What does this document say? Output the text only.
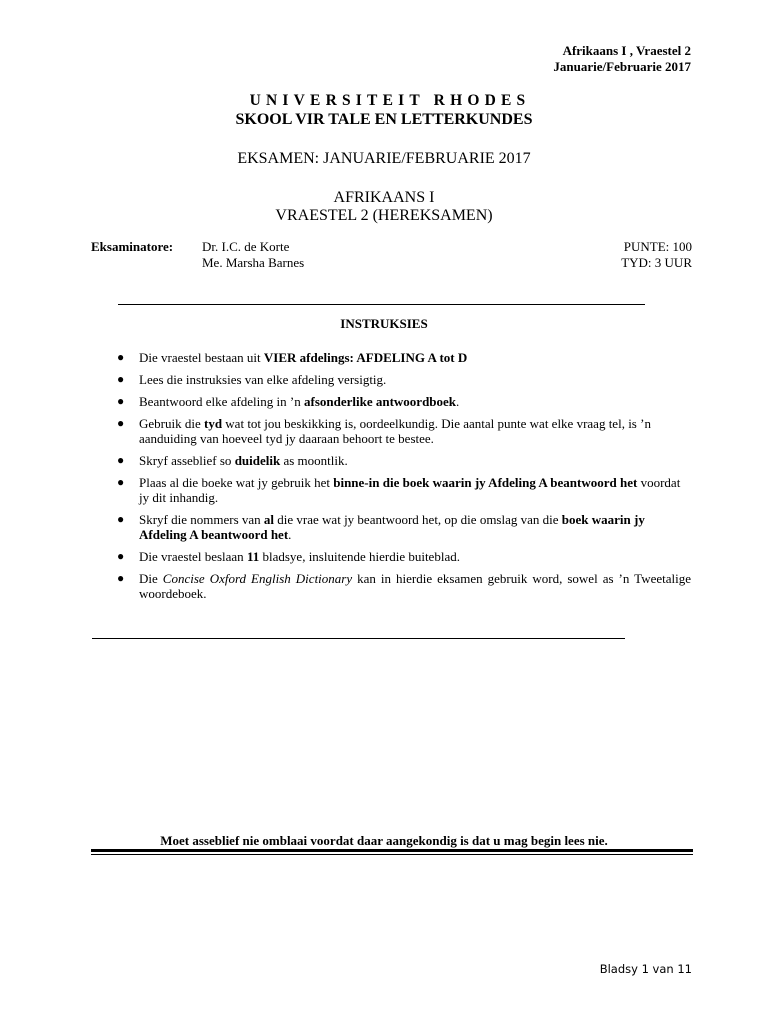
Afrikaans I , Vraestel 2
Januarie/Februarie 2017
UNIVERSITEIT RHODES
SKOOL VIR TALE EN LETTERKUNDES
EKSAMEN: JANUARIE/FEBRUARIE 2017
AFRIKAANS I
VRAESTEL 2 (HEREKSAMEN)
Eksaminatore: Dr. I.C. de Korte
Me. Marsha Barnes
PUNTE: 100
TYD: 3 UUR
INSTRUKSIES
● Die vraestel bestaan uit VIER afdelings: AFDELING A tot D
● Lees die instruksies van elke afdeling versigtig.
● Beantwoord elke afdeling in ’n afsonderlike antwoordboek.
● Gebruik die tyd wat tot jou beskikking is, oordeelkundig. Die aantal punte wat elke vraag tel, is ’n aanduiding van hoeveel tyd jy daaraan behoort te bestee.
● Skryf asseblief so duidelik as moontlik.
● Plaas al die boeke wat jy gebruik het binne-in die boek waarin jy Afdeling A beantwoord het voordat jy dit inhandig.
● Skryf die nommers van al die vrae wat jy beantwoord het, op die omslag van die boek waarin jy Afdeling A beantwoord het.
● Die vraestel beslaan 11 bladsye, insluitende hierdie buiteblad.
● Die Concise Oxford English Dictionary kan in hierdie eksamen gebruik word, sowel as ’n Tweetalige woordeboek.
Moet asseblief nie omblaai voordat daar aangekondig is dat u mag begin lees nie.
Bladsy 1 van 11
